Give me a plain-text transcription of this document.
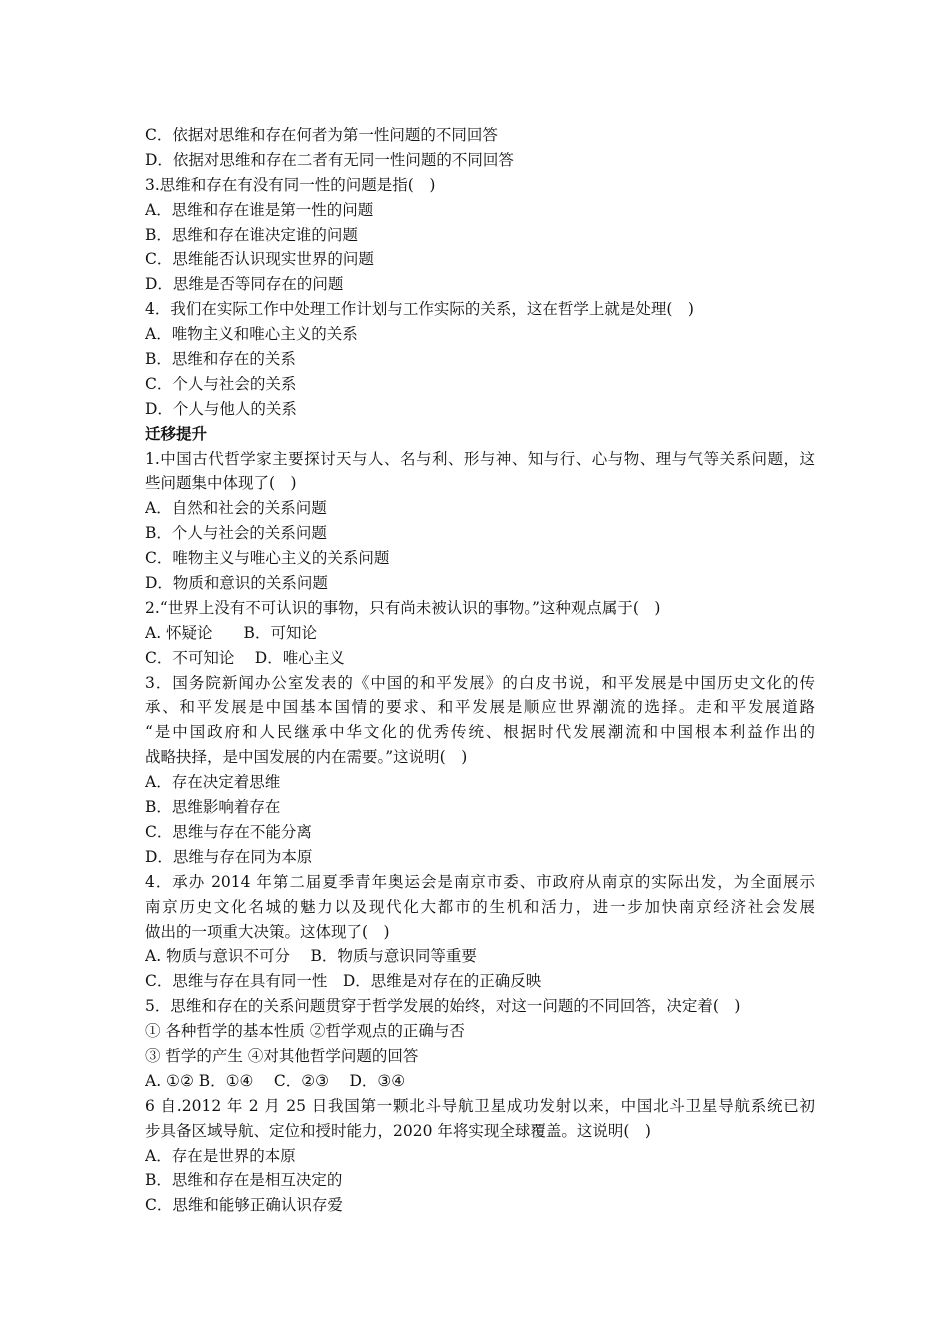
C．依据对思维和存在何者为第一性问题的不同回答
D．依据对思维和存在二者有无同一性问题的不同回答
3.思维和存在有没有同一性的问题是指(　)
A．思维和存在谁是第一性的问题
B．思维和存在谁决定谁的问题
C．思维能否认识现实世界的问题
D．思维是否等同存在的问题
4．我们在实际工作中处理工作计划与工作实际的关系，这在哲学上就是处理(　)
A．唯物主义和唯心主义的关系
B．思维和存在的关系
C．个人与社会的关系
D．个人与他人的关系
迁移提升
1.中国古代哲学家主要探讨天与人、名与利、形与神、知与行、心与物、理与气等关系问题，这
些问题集中体现了(　)
A．自然和社会的关系问题
B．个人与社会的关系问题
C．唯物主义与唯心主义的关系问题
D．物质和意识的关系问题
2.“世界上没有不可认识的事物，只有尚未被认识的事物。”这种观点属于(　)
A. 怀疑论　　B．可知论
C．不可知论　 D．唯心主义
3．国务院新闻办公室发表的《中国的和平发展》的白皮书说，和平发展是中国历史文化的传
承、和平发展是中国基本国情的要求、和平发展是顺应世界潮流的选择。走和平发展道路
“是中国政府和人民继承中华文化的优秀传统、根据时代发展潮流和中国根本利益作出的
战略抉择，是中国发展的内在需要。”这说明(　)
A．存在决定着思维
B．思维影响着存在
C．思维与存在不能分离
D．思维与存在同为本原
4．承办 2014 年第二届夏季青年奥运会是南京市委、市政府从南京的实际出发，为全面展示
南京历史文化名城的魅力以及现代化大都市的生机和活力，进一步加快南京经济社会发展
做出的一项重大决策。这体现了(　)
A. 物质与意识不可分　 B．物质与意识同等重要
C．思维与存在具有同一性　D．思维是对存在的正确反映
5．思维和存在的关系问题贯穿于哲学发展的始终，对这一问题的不同回答，决定着(　)
① 各种哲学的基本性质 ②哲学观点的正确与否
③ 哲学的产生 ④对其他哲学问题的回答
A. ①② B．①④　 C．②③　 D．③④
6 自.2012 年 2 月 25 日我国第一颗北斗导航卫星成功发射以来，中国北斗卫星导航系统已初
步具备区域导航、定位和授时能力，2020 年将实现全球覆盖。这说明(　)
A．存在是世界的本原
B．思维和存在是相互决定的
C．思维和能够正确认识存爱
